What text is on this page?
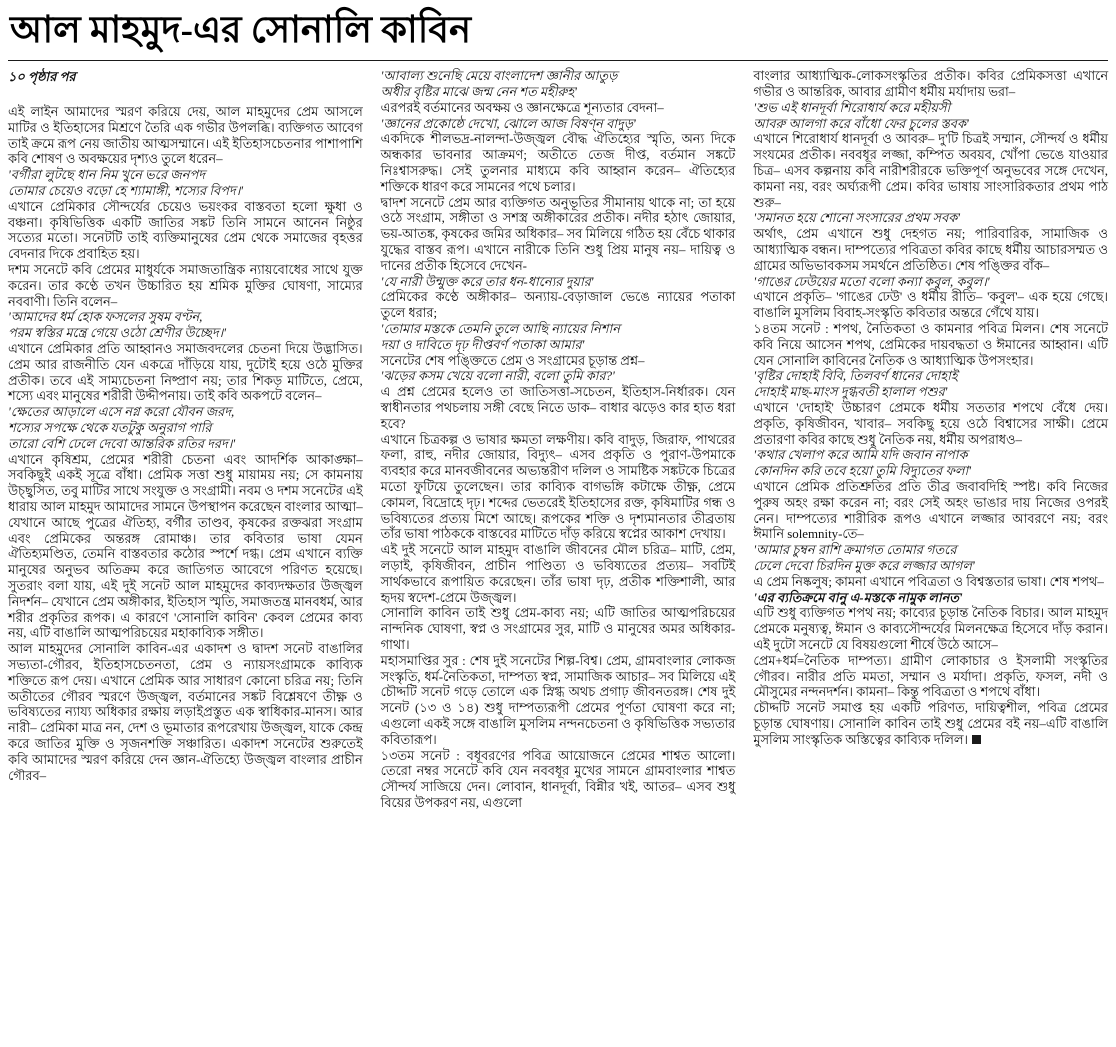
আল মাহমুদ-এর সোনালি কাবিন

১০ পৃষ্ঠার পর

এই লাইন আমাদের স্মরণ করিয়ে দেয়, আল মাহমুদের প্রেম আসলে মাটির ও ইতিহাসের মিশ্রণে তৈরি এক গভীর উপলব্ধি। ব্যক্তিগত আবেগ তাই ক্রমে রূপ নেয় জাতীয় আত্মসম্মানে। এই ইতিহাসচেতনার পাশাপাশি কবি শোষণ ও অবক্ষয়ের দৃশ্যও তুলে ধরেন–

'বর্গীরা লুটছে ধান নিম খুনে ভরে জনপদ
তোমার চেয়েও বড়ো হে শ্যামাঙ্গী, শস্যের বিপদ।'

এখানে প্রেমিকার সৌন্দর্যের চেয়েও ভয়ংকর বাস্তবতা হলো ক্ষুধা ও বঞ্চনা। কৃষিভিত্তিক একটি জাতির সঙ্কট তিনি সামনে আনেন নিষ্ঠুর সত্যের মতো। সনেটটি তাই ব্যক্তিমানুষের প্রেম থেকে সমাজের বৃহত্তর বেদনার দিকে প্রবাহিত হয়।

দশম সনেটে কবি প্রেমের মাধুর্যকে সমাজতান্ত্রিক ন্যায়বোধের সাথে যুক্ত করেন। তার কণ্ঠে তখন উচ্চারিত হয় শ্রমিক মুক্তির ঘোষণা, সাম্যের নববাণী। তিনি বলেন–

'আমাদের ধর্ম হোক ফসলের সুষম বণ্টন,
পরম স্বস্তির মন্ত্রে গেয়ে ওঠো শ্রেণীর উচ্ছেদ।'

এখানে প্রেমিকার প্রতি আহ্বানও সমাজবদলের চেতনা দিয়ে উদ্ভাসিত। প্রেম আর রাজনীতি যেন একত্রে দাঁড়িয়ে যায়, দুটোই হয়ে ওঠে মুক্তির প্রতীক। তবে এই সাম্যচেতনা নিষ্প্রাণ নয়; তার শিকড় মাটিতে, প্রেমে, শস্যে এবং মানুষের শরীরী উদ্দীপনায়। তাই কবি অকপটে বলেন–

'ক্ষেতের আড়ালে এসে নগ্ন করো যৌবন জরদ,
শস্যের সপক্ষে থেকে যতটুকু অনুরাগ পারি
তারো বেশি ঢেলে দেবো আন্তরিক রতির দরদ।'

এখানে কৃষিশ্রম, প্রেমের শরীরী চেতনা এবং আদর্শিক আকাঙ্ক্ষা– সবকিছুই একই সূত্রে বাঁধা। প্রেমিক সত্তা শুধু মায়াময় নয়; সে কামনায় উচ্ছ্বসিত, তবু মাটির সাথে সংযুক্ত ও সংগ্রামী। নবম ও দশম সনেটের এই ধারায় আল মাহমুদ আমাদের সামনে উপস্থাপন করেছেন বাংলার আত্মা– যেখানে আছে পুত্রের ঐতিহ্য, বর্গীর তাণ্ডব, কৃষকের রক্তঝরা সংগ্রাম এবং প্রেমিকের অন্তরঙ্গ রোমাঞ্চ। তার কবিতার ভাষা যেমন ঐতিহ্যমণ্ডিত, তেমনি বাস্তবতার কঠোর স্পর্শে দগ্ধ। প্রেম এখানে ব্যক্তি মানুষের অনুভব অতিক্রম করে জাতিগত আবেগে পরিণত হয়েছে। সুতরাং বলা যায়, এই দুই সনেট আল মাহমুদের কাব্যদক্ষতার উজ্জ্বল নিদর্শন– যেখানে প্রেম অঙ্গীকার, ইতিহাস স্মৃতি, সমাজতন্ত্র মানবধর্ম, আর শরীর প্রকৃতির রূপক। এ কারণে 'সোনালি কাবিন' কেবল প্রেমের কাব্য নয়, এটি বাঙালি আত্মপরিচয়ের মহাকাব্যিক সঙ্গীত।

আল মাহমুদের সোনালি কাবিন-এর একাদশ ও দ্বাদশ সনেট বাঙালির সভ্যতা-গৌরব, ইতিহাসচেতনতা, প্রেম ও ন্যায়সংগ্রামকে কাব্যিক শক্তিতে রূপ দেয়। এখানে প্রেমিক আর সাধারণ কোনো চরিত্র নয়; তিনি অতীতের গৌরব স্মরণে উজ্জ্বল, বর্তমানের সঙ্কট বিশ্লেষণে তীক্ষ্ণ ও ভবিষ্যতের ন্যায্য অধিকার রক্ষায় লড়াইপ্রস্তুত এক স্বাধিকার-মানস। আর নারী– প্রেমিকা মাত্র নন, দেশ ও ভূমাতার রূপরেখায় উজ্জ্বল, যাকে কেন্দ্র করে জাতির মুক্তি ও সৃজনশক্তি সঞ্চারিত। একাদশ সনেটের শুরুতেই কবি আমাদের স্মরণ করিয়ে দেন জ্ঞান-ঐতিহ্যে উজ্জ্বল বাংলার প্রাচীন গৌরব–

'আবাল্য শুনেছি মেয়ে বাংলাদেশ জ্ঞানীর আতুড়
অধীর বৃষ্টির মাঝে জন্ম নেন শত মহীরুহ'

এরপরই বর্তমানের অবক্ষয় ও জ্ঞানক্ষেত্রে শূন্যতার বেদনা–

'জ্ঞানের প্রকোষ্ঠে দেখো, ঝোলে আজ বিষণ্ন বাদুড়'

একদিকে শীলভদ্র-নালন্দা-উজ্জ্বল বৌদ্ধ ঐতিহ্যের স্মৃতি, অন্য দিকে অন্ধকার ভাবনার আক্রমণ; অতীতে তেজ দীপ্ত, বর্তমান সঙ্কটে নিঃশ্বাসরুদ্ধ। সেই তুলনার মাধ্যমে কবি আহ্বান করেন– ঐতিহ্যের শক্তিকে ধারণ করে সামনের পথে চলার।

দ্বাদশ সনেটে প্রেম আর ব্যক্তিগত অনুভূতির সীমানায় থাকে না; তা হয়ে ওঠে সংগ্রাম, সঙ্গীতা ও সশস্ত্র অঙ্গীকারের প্রতীক। নদীর হঠাৎ জোয়ার, ভয়-আতঙ্ক, কৃষকের জমির অধিকার– সব মিলিয়ে গঠিত হয় বেঁচে থাকার যুদ্ধের বাস্তব রূপ। এখানে নারীকে তিনি শুধু প্রিয় মানুষ নয়– দায়িত্ব ও দানের প্রতীক হিসেবে দেখেন-

'যে নারী উন্মুক্ত করে তার ধন-ধান্যের দুয়ার'

প্রেমিকের কণ্ঠে অঙ্গীকার– অন্যায়-বেড়াজাল ভেঙে ন্যায়ের পতাকা তুলে ধরার;

'তোমার মস্তকে তেমনি তুলে আছি ন্যায়ের নিশান
দয়া ও দাবিতে দৃঢ় দীপ্তবর্ণ পতাকা আমার'

সনেটের শেষ পঙ্ক্তিতে প্রেম ও সংগ্রামের চূড়ান্ত প্রশ্ন–

'ঝড়ের কসম খেয়ে বলো নারী, বলো তুমি কার?'

এ প্রশ্ন প্রেমের হলেও তা জাতিসত্তা-সচেতন, ইতিহাস-নির্ধারক। যেন স্বাধীনতার পথচলায় সঙ্গী বেছে নিতে ডাক– বাধার ঝড়েও কার হাত ধরা হবে?

এখানে চিত্রকল্প ও ভাষার ক্ষমতা লক্ষণীয়। কবি বাদুড়, জিরাফ, পাথরের ফলা, রাহু, নদীর জোয়ার, বিদ্যুৎ– এসব প্রকৃতি ও পুরাণ-উপমাকে ব্যবহার করে মানবজীবনের অভ্যন্তরীণ দলিল ও সামষ্টিক সঙ্কটকে চিত্রের মতো ফুটিয়ে তুলেছেন। তার কাব্যিক বাগভঙ্গি কটাক্ষে তীক্ষ্ণ, প্রেমে কোমল, বিদ্রোহে দৃঢ়। শব্দের ভেতরেই ইতিহাসের রক্ত, কৃষিমাটির গন্ধ ও ভবিষ্যতের প্রত্যয় মিশে আছে। রূপকের শক্তি ও দৃশ্যমানতার তীব্রতায় তাঁর ভাষা পাঠককে বাস্তবের মাটিতে দাঁড় করিয়ে স্বপ্নের আকাশ দেখায়।

এই দুই সনেটে আল মাহমুদ বাঙালি জীবনের মৌল চরিত্র– মাটি, প্রেম, লড়াই, কৃষিজীবন, প্রাচীন পাণ্ডিত্য ও ভবিষ্যতের প্রত্যয়– সবটিই সার্থকভাবে রূপায়িত করেছেন। তাঁর ভাষা দৃঢ়, প্রতীক শক্তিশালী, আর হৃদয় স্বদেশ-প্রেমে উজ্জ্বল।

সোনালি কাবিন তাই শুধু প্রেম-কাব্য নয়; এটি জাতির আত্মপরিচয়ের নান্দনিক ঘোষণা, স্বপ্ন ও সংগ্রামের সুর, মাটি ও মানুষের অমর অধিকার-গাথা।

মহাসমাপ্তির সুর : শেষ দুই সনেটের শিল্প-বিশ্ব। প্রেম, গ্রামবাংলার লোকজ সংস্কৃতি, ধর্ম-নৈতিকতা, দাম্পত্য স্বপ্ন, সামাজিক আচার– সব মিলিয়ে এই চৌদ্দটি সনেট গড়ে তোলে এক স্নিগ্ধ অথচ প্রগাঢ় জীবনতরঙ্গ। শেষ দুই সনেট (১৩ ও ১৪) শুধু দাম্পত্যরূপী প্রেমের পূর্ণতা ঘোষণা করে না; এগুলো একই সঙ্গে বাঙালি মুসলিম নন্দনচেতনা ও কৃষিভিত্তিক সভ্যতার কবিতারূপ।

১৩তম সনেট : বধূবরণের পবিত্র আয়োজনে প্রেমের শাশ্বত আলো। তেরো নম্বর সনেটে কবি যেন নববধূর মুখের সামনে গ্রামবাংলার শাশ্বত সৌন্দর্য সাজিয়ে দেন। লোবান, ধানদূর্বা, বিন্নীর খই, আতর– এসব শুধু বিয়ের উপকরণ নয়, এগুলো

বাংলার আধ্যাত্মিক-লোকসংস্কৃতির প্রতীক। কবির প্রেমিকসত্তা এখানে গভীর ও আন্তরিক, আবার গ্রামীণ ধর্মীয় মর্যাদায় ভরা–

'শুভ এই ধানদূর্বা শিরোধার্য করে মহীয়সী
আবরু আলগা করে বাঁধো ফের চুলের স্তবক'

এখানে শিরোধার্য ধানদূর্বা ও আবরু– দু'টি চিত্রই সম্মান, সৌন্দর্য ও ধর্মীয় সংযমের প্রতীক। নববধূর লজ্জা, কম্পিত অবয়ব, খোঁপা ভেঙে যাওয়ার চিত্র– এসব কল্পনায় কবি নারীশরীরকে ভক্তিপূর্ণ অনুভবের সঙ্গে দেখেন, কামনা নয়, বরং অর্ঘ্যরূপী প্রেম। কবির ভাষায় সাংসারিকতার প্রথম পাঠ শুরু–

'সমানত হয়ে শোনো সংসারের প্রথম সবক'

অর্থাৎ, প্রেম এখানে শুধু দেহগত নয়; পারিবারিক, সামাজিক ও আধ্যাত্মিক বন্ধন। দাম্পত্যের পবিত্রতা কবির কাছে ধর্মীয় আচারসম্মত ও গ্রামের অভিভাবকসম সমর্থনে প্রতিষ্ঠিত। শেষ পঙ্ক্তির বাঁক–

'গাঙের ঢেউয়ের মতো বলো কন্যা কবুল, কবুল।'

এখানে প্রকৃতি– 'গাঙের ঢেউ' ও ধর্মীয় রীতি– 'কবুল'– এক হয়ে গেছে। বাঙালি মুসলিম বিবাহ-সংস্কৃতি কবিতার অন্তরে গেঁথে যায়।

১৪তম সনেট : শপথ, নৈতিকতা ও কামনার পবিত্র মিলন। শেষ সনেটে কবি নিয়ে আসেন শপথ, প্রেমিকের দায়বদ্ধতা ও ঈমানের আহ্বান। এটি যেন সোনালি কাবিনের নৈতিক ও আধ্যাত্মিক উপসংহার।

'বৃষ্টির দোহাই বিবি, তিলবর্ণ ধানের দোহাই
দোহাই মাছ-মাংস দুগ্ধবতী হালাল পশুর'

এখানে 'দোহাই' উচ্চারণ প্রেমকে ধর্মীয় সততার শপথে বেঁধে দেয়। প্রকৃতি, কৃষিজীবন, খাবার– সবকিছু হয়ে ওঠে বিশ্বাসের সাক্ষী। প্রেমে প্রতারণা কবির কাছে শুধু নৈতিক নয়, ধর্মীয় অপরাধও–

'কথার খেলাপ করে আমি যদি জবান নাপাক
কোনদিন করি তবে হয়ো তুমি বিদ্যুতের ফলা'

এখানে প্রেমিক প্রতিশ্রুতির প্রতি তীব্র জবাবদিহি স্পষ্ট। কবি নিজের পুরুষ অহং রক্ষা করেন না; বরং সেই অহং ভাঙার দায় নিজের ওপরই নেন। দাম্পত্যের শারীরিক রূপও এখানে লজ্জার আবরণে নয়; বরং ঈমানি solemnity-তে–

'আমার চুম্বন রাশি ক্রমাগত তোমার গতরে
ঢেলে দেবো চিরদিন মুক্ত করে লজ্জার আগল'

এ প্রেম নিষ্কলুষ; কামনা এখানে পবিত্রতা ও বিশ্বস্ততার ভাষা। শেষ শপথ–

'এর ব্যতিক্রমে বানু এ-মস্তকে নামুক লানত'

এটি শুধু ব্যক্তিগত শপথ নয়; কাব্যের চূড়ান্ত নৈতিক বিচার। আল মাহমুদ প্রেমকে মনুষ্যত্ব, ঈমান ও কাব্যসৌন্দর্যের মিলনক্ষেত্র হিসেবে দাঁড় করান। এই দুটো সনেটে যে বিষয়গুলো শীর্ষে উঠে আসে–

প্রেম+ধর্ম=নৈতিক দাম্পত্য। গ্রামীণ লোকাচার ও ইসলামী সংস্কৃতির গৌরব। নারীর প্রতি মমতা, সম্মান ও মর্যাদা। প্রকৃতি, ফসল, নদী ও মৌসুমের নন্দনদর্শন। কামনা– কিন্তু পবিত্রতা ও শপথে বাঁধা।

চৌদ্দটি সনেট সমাপ্ত হয় একটি পরিণত, দায়িত্বশীল, পবিত্র প্রেমের চূড়ান্ত ঘোষণায়। সোনালি কাবিন তাই শুধু প্রেমের বই নয়–এটি বাঙালি মুসলিম সাংস্কৃতিক অস্তিত্বের কাব্যিক দলিল।
